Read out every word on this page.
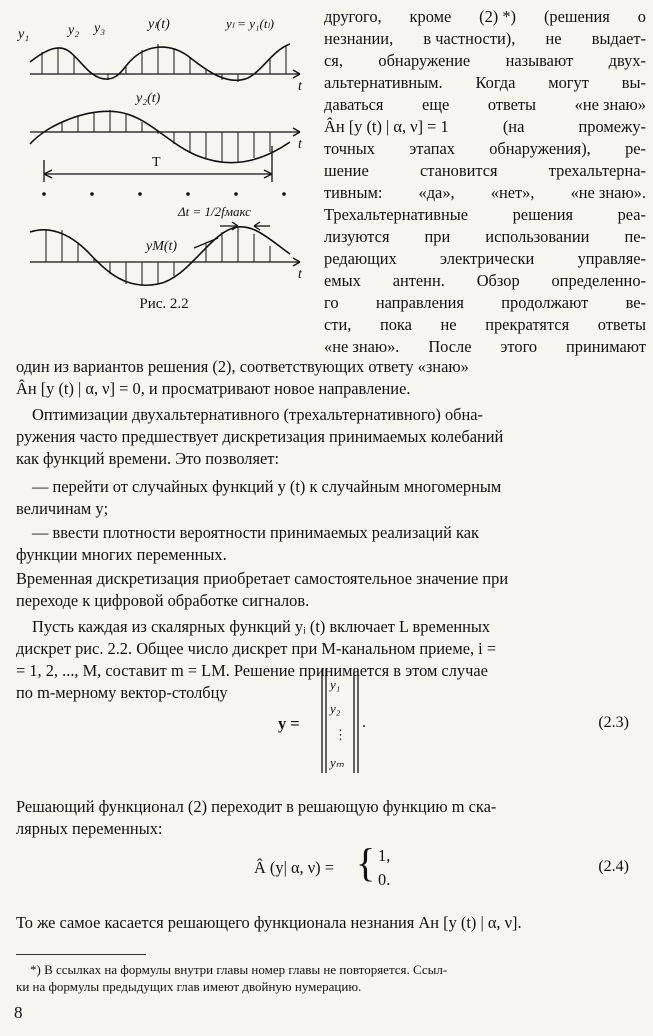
y₁	y₂ y₃	yₗ(t)	yₗ = y₁(tₗ)
t
y₂(t)
t
T
Δt = 1/2fмакс
yM(t)
t
Рис. 2.2
другого, кроме (2) *) (решения о
незнании, в частности), не выдает-
ся, обнаружение называют двух-
альтернативным. Когда могут вы-
даваться еще ответы «не знаю»
Âн [y (t) | α, ν] = 1	(на	промежу-
точных этапах обнаружения), ре-
шение	становится	трехальтерна-
тивным: «да», «нет», «не знаю».
Трехальтернативные	решения	реа-
лизуются при использовании пе-
редающих	электрически	управляе-
емых антенн. Обзор определенно-
го направления продолжают ве-
сти, пока не прекратятся ответы
«не знаю». После этого принимают
один из вариантов решения (2), соответствующих ответу «знаю»
Âн [y (t) | α, ν] = 0, и просматривают новое направление.
Оптимизации двухальтернативного (трехальтернативного) обна-
ружения часто предшествует дискретизация принимаемых колебаний
как функций времени. Это позволяет:
— перейти от случайных функций y (t) к случайным многомерным
величинам y;
— ввести плотности вероятности принимаемых реализаций как
функции многих переменных.
Временная дискретизация приобретает самостоятельное значение при
переходе к цифровой обработке сигналов.
Пусть каждая из скалярных функций yᵢ (t) включает L временных
дискрет рис. 2.2. Общее число дискрет при M-канальном приеме, i =
= 1, 2, ..., M, составит m = LM. Решение принимается в этом случае
по m-мерному вектор-столбцу
y =
y₁
y₂
⋮
yₘ
.	(2.3)
Решающий функционал (2) переходит в решающую функцию m ска-
лярных переменных:
Â (y| α, ν) = { 1,
0.
(2.4)
То же самое касается решающего функционала незнания Aн [y (t) | α, ν].
*) В ссылках на формулы внутри главы номер главы не повторяется. Ссыл-
ки на формулы предыдущих глав имеют двойную нумерацию.
8
